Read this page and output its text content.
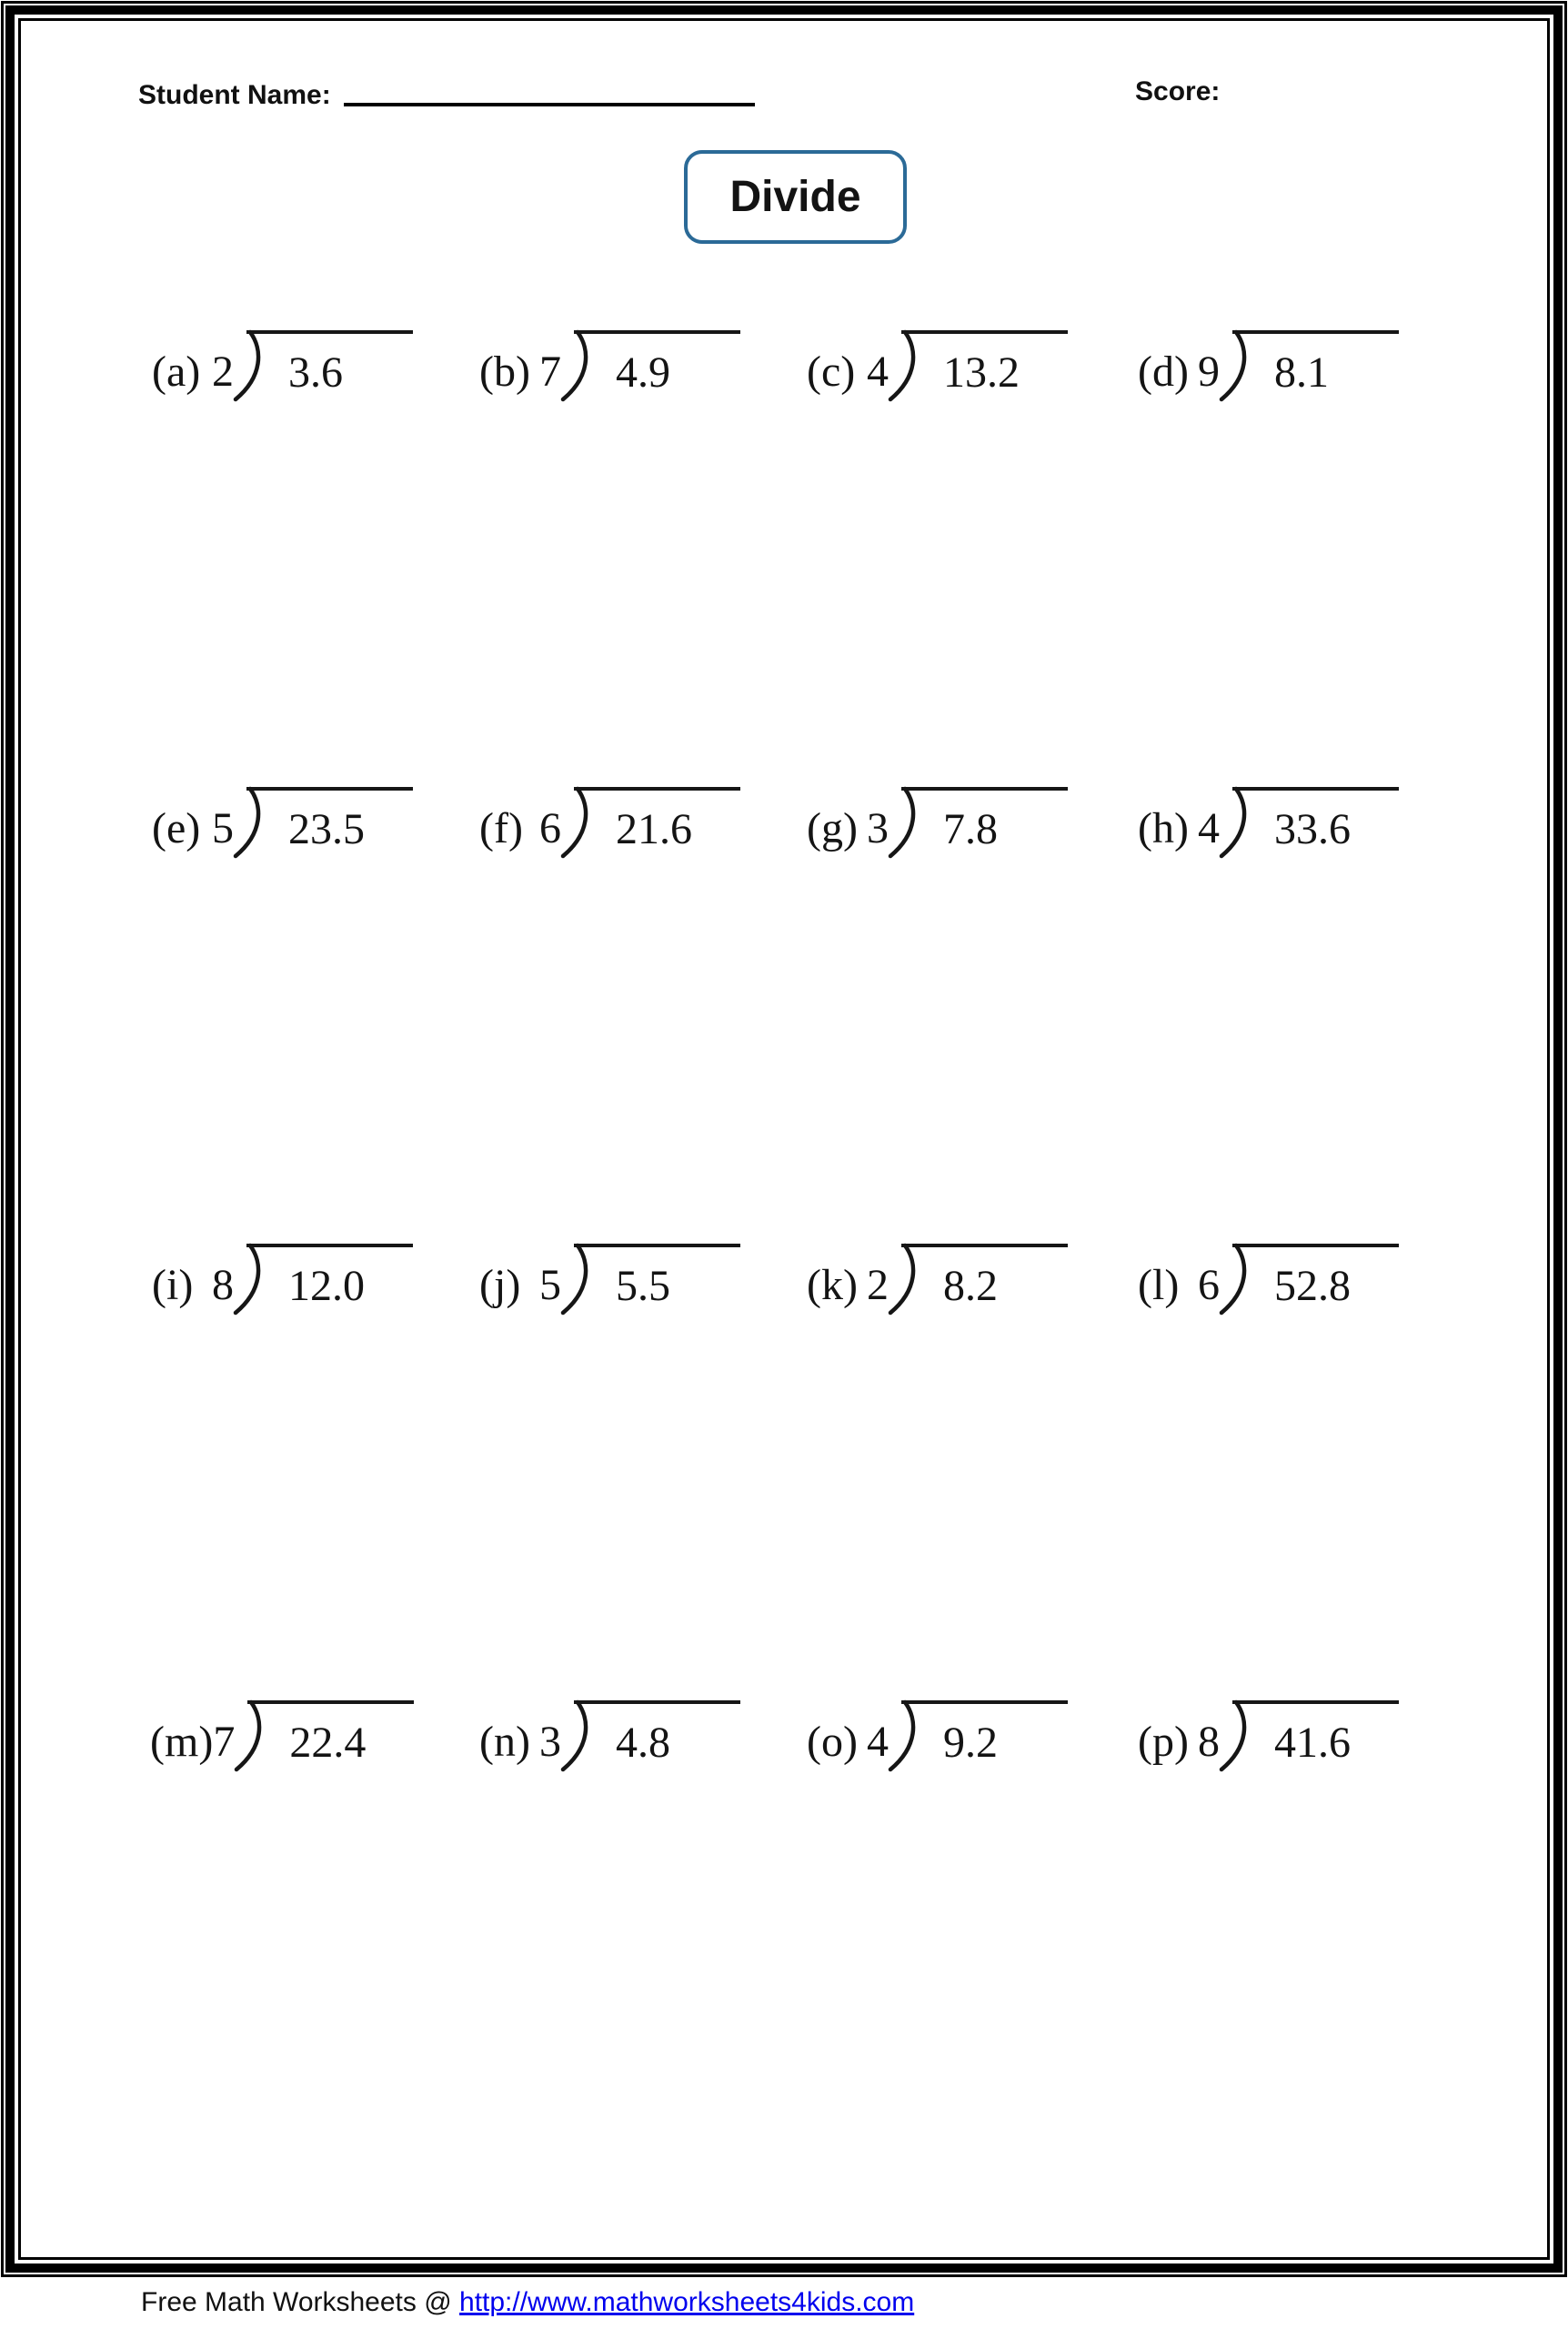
Student Name:	Score:
Divide
(a) 2	3.6	(b) 7	4.9	(c) 4	13.2	(d) 9	8.1
(e) 5	23.5	(f) 6	21.6	(g) 3	7.8	(h) 4	33.6
(i) 8	12.0	(j) 5	5.5	(k) 2	8.2	(l) 6	52.8
(m) 7	22.4	(n) 3	4.8	(o) 4	9.2	(p) 8	41.6
Free Math Worksheets @ http://www.mathworksheets4kids.com
